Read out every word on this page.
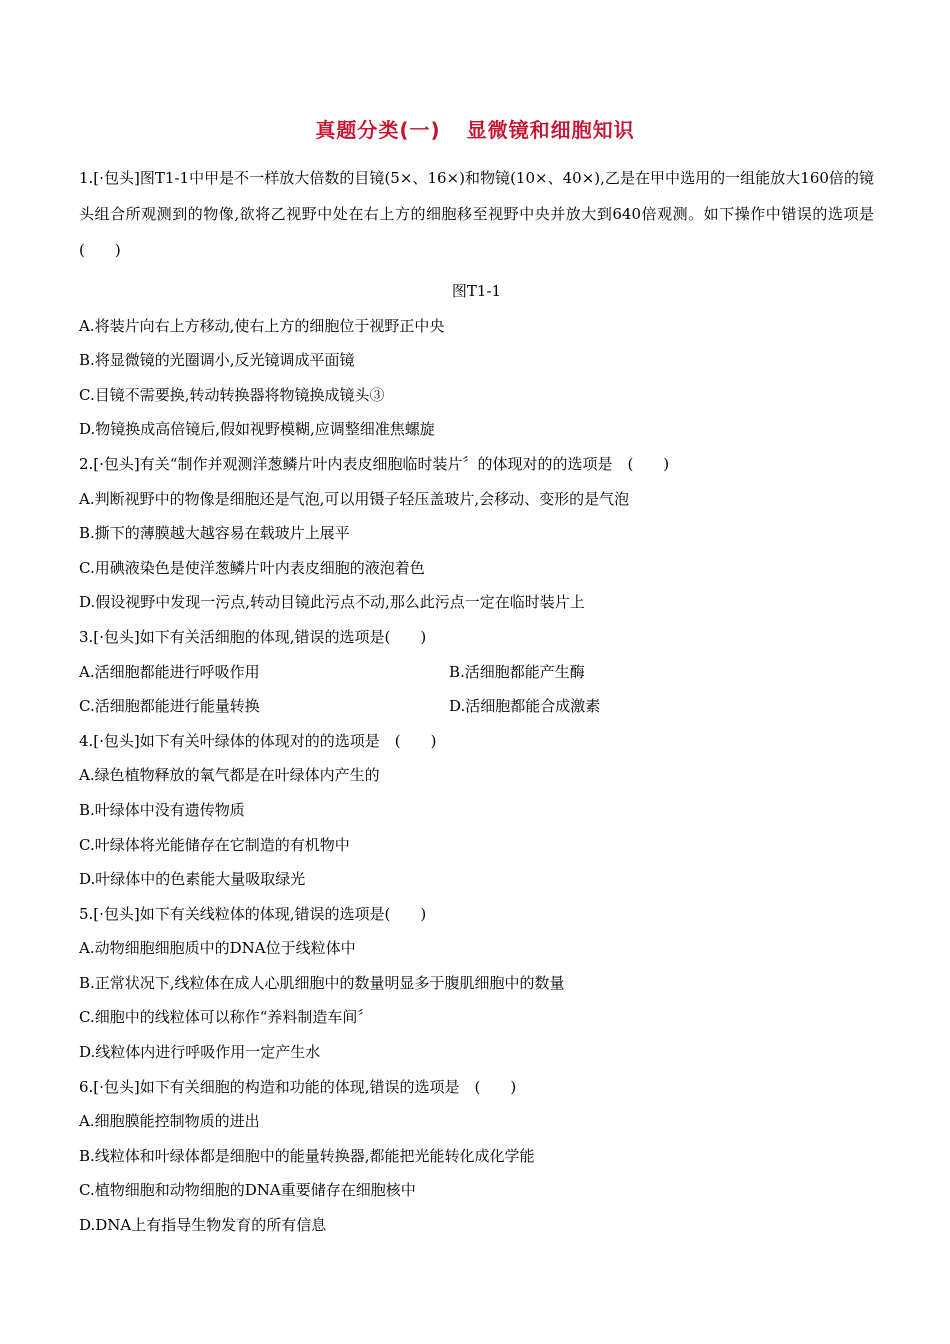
真题分类(一) 显微镜和细胞知识
1.[·包头]图T1-1中甲是不一样放大倍数的目镜(5×、16×)和物镜(10×、40×),乙是在甲中选用的一组能放大160倍的镜头组合所观测到的物像,欲将乙视野中处在右上方的细胞移至视野中央并放大到640倍观测。如下操作中错误的选项是(　　)
图T1-1
A.将装片向右上方移动,使右上方的细胞位于视野正中央
B.将显微镜的光圈调小,反光镜调成平面镜
C.目镜不需要换,转动转换器将物镜换成镜头③
D.物镜换成高倍镜后,假如视野模糊,应调整细准焦螺旋
2.[·包头]有关“制作并观测洋葱鳞片叶内表皮细胞临时装片〞的体现对的的选项是　(　　)
A.判断视野中的物像是细胞还是气泡,可以用镊子轻压盖玻片,会移动、变形的是气泡
B.撕下的薄膜越大越容易在载玻片上展平
C.用碘液染色是使洋葱鳞片叶内表皮细胞的液泡着色
D.假设视野中发现一污点,转动目镜此污点不动,那么此污点一定在临时装片上
3.[·包头]如下有关活细胞的体现,错误的选项是(　　)
A.活细胞都能进行呼吸作用	B.活细胞都能产生酶
C.活细胞都能进行能量转换	D.活细胞都能合成激素
4.[·包头]如下有关叶绿体的体现对的的选项是　(　　)
A.绿色植物释放的氧气都是在叶绿体内产生的
B.叶绿体中没有遗传物质
C.叶绿体将光能储存在它制造的有机物中
D.叶绿体中的色素能大量吸取绿光
5.[·包头]如下有关线粒体的体现,错误的选项是(　　)
A.动物细胞细胞质中的DNA位于线粒体中
B.正常状况下,线粒体在成人心肌细胞中的数量明显多于腹肌细胞中的数量
C.细胞中的线粒体可以称作“养料制造车间〞
D.线粒体内进行呼吸作用一定产生水
6.[·包头]如下有关细胞的构造和功能的体现,错误的选项是　(　　)
A.细胞膜能控制物质的进出
B.线粒体和叶绿体都是细胞中的能量转换器,都能把光能转化成化学能
C.植物细胞和动物细胞的DNA重要储存在细胞核中
D.DNA上有指导生物发育的所有信息
